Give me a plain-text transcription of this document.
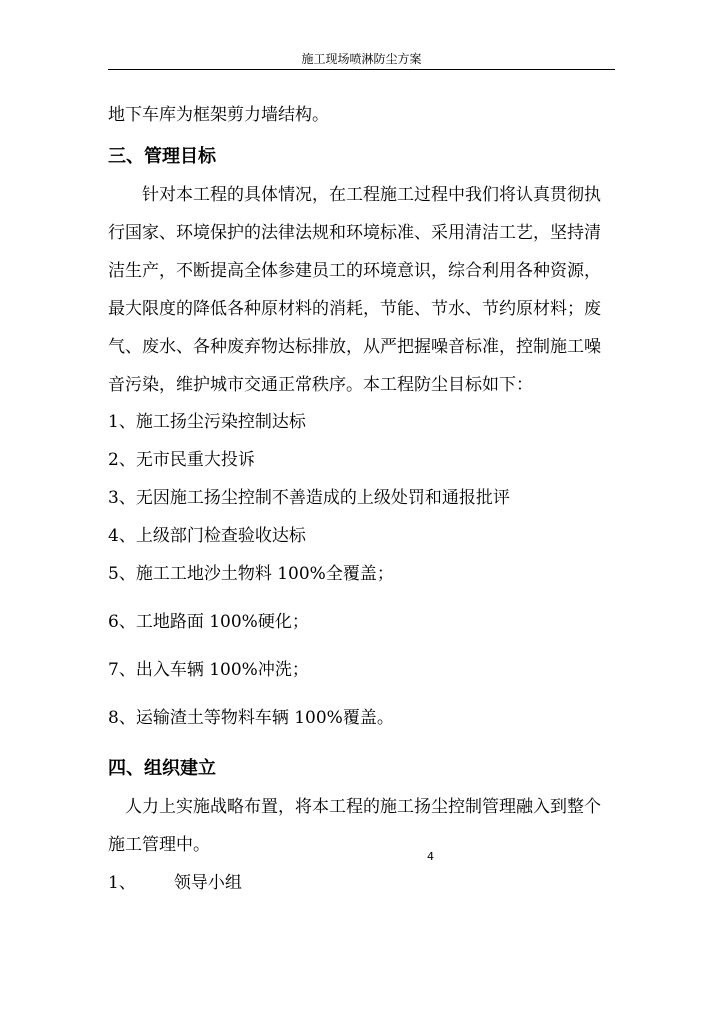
施工现场喷淋防尘方案
地下车库为框架剪力墙结构。
三、管理目标
针对本工程的具体情况，在工程施工过程中我们将认真贯彻执
行国家、环境保护的法律法规和环境标准、采用清洁工艺，坚持清
洁生产，不断提高全体参建员工的环境意识，综合利用各种资源，
最大限度的降低各种原材料的消耗，节能、节水、节约原材料；废
气、废水、各种废弃物达标排放，从严把握噪音标准，控制施工噪
音污染，维护城市交通正常秩序。本工程防尘目标如下：
1、施工扬尘污染控制达标
2、无市民重大投诉
3、无因施工扬尘控制不善造成的上级处罚和通报批评
4、上级部门检查验收达标
5、施工工地沙土物料 100%全覆盖；
6、工地路面 100%硬化；
7、出入车辆 100%冲洗；
8、运输渣土等物料车辆 100%覆盖。
四、组织建立
人力上实施战略布置，将本工程的施工扬尘控制管理融入到整个
施工管理中。
4
1、 领导小组
